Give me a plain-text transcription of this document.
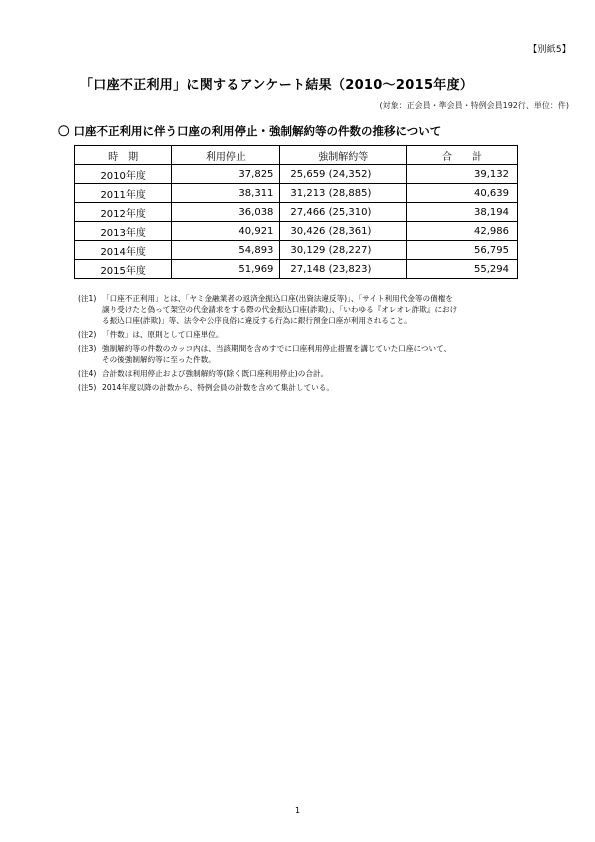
【別紙5】
「口座不正利用」に関するアンケート結果（2010～2015年度）
(対象：正会員・準会員・特例会員192行、単位：件)
〇 口座不正利用に伴う口座の利用停止・強制解約等の件数の推移について
時　期	利用停止	強制解約等	合　　計
2010年度	37,825	25,659 (24,352)	39,132
2011年度	38,311	31,213 (28,885)	40,639
2012年度	36,038	27,466 (25,310)	38,194
2013年度	40,921	30,426 (28,361)	42,986
2014年度	54,893	30,129 (28,227)	56,795
2015年度	51,969	27,148 (23,823)	55,294
(注1) 「口座不正利用」とは、「ヤミ金融業者の返済金振込口座(出資法違反等)」、「サイト利用代金等の債権を
譲り受けたと偽って架空の代金請求をする際の代金振込口座(詐欺)」、「いわゆる『オレオレ詐欺』におけ
る振込口座(詐欺)」等、法令や公序良俗に違反する行為に銀行預金口座が利用されること。
(注2) 「件数」は、原則として口座単位。
(注3) 強制解約等の件数のカッコ内は、当該期間を含めすでに口座利用停止措置を講じていた口座について、
その後強制解約等に至った件数。
(注4) 合計数は利用停止および強制解約等(除く既口座利用停止)の合計。
(注5) 2014年度以降の計数から、特例会員の計数を含めて集計している。
1
